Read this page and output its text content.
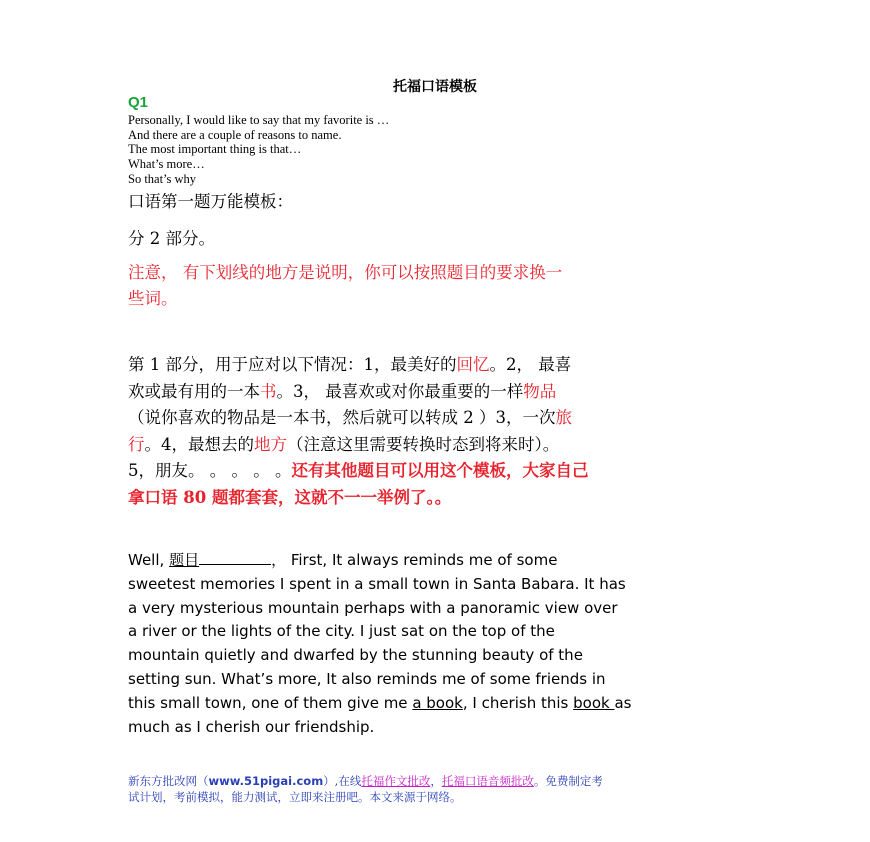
托福口语模板
Q1
Personally, I would like to say that my favorite is …
And there are a couple of reasons to name.
The most important thing is that…
What’s more…
So that’s why

口语第一题万能模板：

分 2 部分。

注意， 有下划线的地方是说明，你可以按照题目的要求换一
些词。

第 1 部分，用于应对以下情况：1，最美好的回忆。2， 最喜
欢或最有用的一本书。3， 最喜欢或对你最重要的一样物品
（说你喜欢的物品是一本书，然后就可以转成 2 ）3，一次旅
行。4，最想去的地方（注意这里需要转换时态到将来时）。
5，朋友。 。 。 。 。还有其他题目可以用这个模板，大家自己
拿口语 80 题都套套，这就不一一举例了。。

Well, 题目	， First, It always reminds me of some
sweetest memories I spent in a small town in Santa Babara. It has
a very mysterious mountain perhaps with a panoramic view over
a river or the lights of the city. I just sat on the top of the
mountain quietly and dwarfed by the stunning beauty of the
setting sun. What’s more, It also reminds me of some friends in
this small town, one of them give me a book, I cherish this book as
much as I cherish our friendship.

新东方批改网（www.51pigai.com）,在线托福作文批改，托福口语音频批改。免费制定考
试计划，考前模拟，能力测试，立即来注册吧。本文来源于网络。
